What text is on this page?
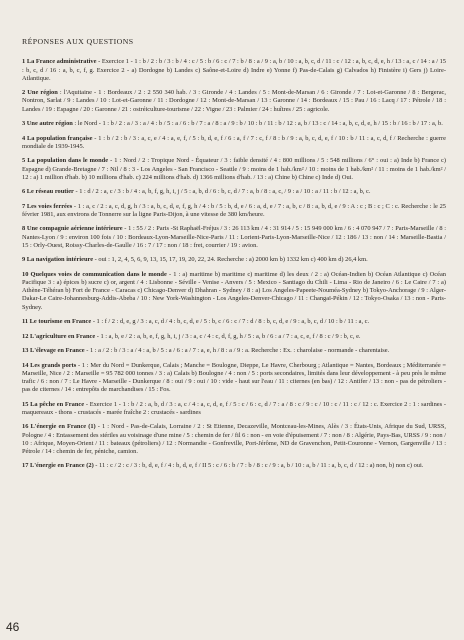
RÉPONSES AUX QUESTIONS

1 La France administrative - Exercice 1 - 1 : b / 2 : b / 3 : b / 4 : c / 5 : b / 6 : c / 7 : b / 8 : a / 9 : a, b / 10 : a, b, c, d / 11 : c / 12 : a, b, c, d, e, h / 13 : a, c / 14 : a / 15 : b, c, d / 16 : a, b, c, f, g. Exercice 2 - a) Dordogne b) Landes c) Saône-et-Loire d) Indre e) Yonne f) Pas-de-Calais g) Calvados h) Finistère i) Gers j) Loire-Atlantique.

2 Une région : l'Aquitaine - 1 : Bordeaux / 2 : 2 550 340 hab. / 3 : Gironde / 4 : Landes / 5 : Mont-de-Marsan / 6 : Gironde / 7 : Lot-et-Garonne / 8 : Bergerac, Nontron, Sarlat / 9 : Landes / 10 : Lot-et-Garonne / 11 : Dordogne / 12 : Mont-de-Marsan / 13 : Garonne / 14 : Bordeaux / 15 : Pau / 16 : Lacq / 17 : Pétrole / 18 : Landes / 19 : Espagne / 20 : Garonne / 21 : ostréiculture-tourisme / 22 : Vigne / 23 : Palmier / 24 : huîtres / 25 : agricole.

3 Une autre région : le Nord - 1 : b / 2 : a / 3 : a / 4 : b / 5 : a / 6 : b / 7 : a / 8 : a / 9 : b / 10 : b / 11 : b / 12 : a, b / 13 : c / 14 : a, b, c, d, e, h / 15 : b / 16 : b / 17 : a, b.

4 La population française - 1 : b / 2 : b / 3 : a, c, e / 4 : a, e, f, / 5 : b, d, e, f / 6 : a, f / 7 : c, f / 8 : b / 9 : a, b, c, d, e, f / 10 : b / 11 : a, c, d, f / Recherche : guerre mondiale de 1939-1945.

5 La population dans le monde - 1 : Nord / 2 : Tropique Nord - Équateur / 3 : faible densité / 4 : 800 millions / 5 : 548 millions / 6° : oui : a) Inde b) France c) Espagne d) Grande-Bretagne / 7 : Nil / 8 : 3 - Los Angeles - San Francisco - Seattle / 9 : moins de 1 hab./km² / 10 : moins de 1 hab./km² / 11 : moins de 1 hab./km² / 12 : a) 1 million d'hab. b) 10 millions d'hab. c) 224 millions d'hab. d) 1366 millions d'hab. / 13 : a) Chine b) Chine c) Inde d) Oui.

6 Le réseau routier - 1 : d / 2 : a, c / 3 : b / 4 : a, b, f, g, h, i, j / 5 : a, b, d / 6 : b, c, d / 7 : a, b / 8 : a, c, / 9 : a / 10 : a / 11 : b / 12 : a, b, c.

7 Les voies ferrées - 1 : a, c / 2 : a, c, d, g, h / 3 : a, b, c, d, e, f, g, h / 4 : b / 5 : b, d, e / 6 : a, d, e / 7 : a, b, c / 8 : a, b, d, e / 9 : A : c ; B : c ; C : c. Recherche : le 25 février 1981, aux environs de Tonnerre sur la ligne Paris-Dijon, à une vitesse de 380 km/heure.

8 Une compagnie aérienne intérieure - 1 : 55 / 2 : Paris -St Raphaël-Fréjus / 3 : 26 113 km / 4 : 31 914 / 5 : 15 949 000 km / 6 : 4 070 947 / 7 : Paris-Marseille / 8 : Nantes-Lyon / 9 : environ 100 fois / 10 : Bordeaux-Lyon-Marseille-Nice-Paris / 11 : Lorient-Paris-Lyon-Marseille-Nice / 12 : 186 / 13 : non / 14 : Marseille-Bastia / 15 : Orly-Ouest, Roissy-Charles-de-Gaulle / 16 : 7 / 17 : non / 18 : fret, courrier / 19 : avion.

9 La navigation intérieure - oui : 1, 2, 4, 5, 6, 9, 13, 15, 17, 19, 20, 22, 24. Recherche : a) 2000 km b) 1332 km c) 400 km d) 26,4 km.

10 Quelques voies de communication dans le monde - 1 : a) maritime b) maritime c) maritime d) les deux / 2 : a) Océan-Indien b) Océan Atlantique c) Océan Pacifique 3 : a) épices b) sucre c) or, argent / 4 : Lisbonne - Séville - Venise - Anvers / 5 : Mexico - Santiago du Chili - Lima - Rio de Janeiro / 6 : Le Caire / 7 : a) Athène-Téhéran b) Fort de France - Caracas c) Chicago-Denver d) Dhahran - Sydney / 8 : a) Los Angeles-Papeete-Nouméa-Sydney b) Tokyo-Anchorage / 9 : Alger-Dakar-Le Caire-Johannesburg-Addis-Abeba / 10 : New York-Washington - Los Angeles-Denver-Chicago / 11 : Changaï-Pékin / 12 : Tokyo-Osaka / 13 : non - Paris-Sydney.

11 Le tourisme en France - 1 : f / 2 : d, e, g / 3 : a, c, d / 4 : b, c, d, e / 5 : b, c / 6 : c / 7 : d / 8 : b, c, d, e / 9 : a, b, c, d / 10 : b / 11 : a, c.

12 L'agriculture en France - 1 : a, b, e / 2 : a, b, e, f, g, h, i, j / 3 : a, c / 4 : c, d, f, g, h / 5 : a, b / 6 : a / 7 : a, c, e, f / 8 : c / 9 : b, c, e.

13 L'élevage en France - 1 : a / 2 : b / 3 : a / 4 : a, b / 5 : a / 6 : a / 7 : a, e, h / 8 : a / 9 : a. Recherche : Ex. : charolaise - normande - charentaise.

14 Les grands ports - 1 : Mer du Nord = Dunkerque, Calais ; Manche = Boulogne, Dieppe, Le Havre, Cherbourg ; Atlantique = Nantes, Bordeaux ; Méditerranée = Marseille, Nice / 2 : Marseille = 95 782 000 tonnes / 3 : a) Calais b) Boulogne / 4 : non / 5 : ports secondaires, limités dans leur développement - à peu près le même trafic / 6 : non / 7 : Le Havre - Marseille - Dunkerque / 8 : oui / 9 : oui / 10 : vide - haut sur l'eau / 11 : citernes (en bas) / 12 : Antifer / 13 : non - pas de pétroliers - pas de citernes / 14 : entrepôts de marchandises / 15 : Fos.

15 La pêche en France - Exercice 1 - 1 : b / 2 : a, b, d / 3 : a, c / 4 : a, c, d, e, f / 5 : c / 6 : c, d / 7 : a / 8 : c / 9 : c / 10 : c / 11 : c / 12 : c. Exercice 2 : 1 : sardines - maquereaux - thons - crustacés - marée fraîche 2 : crustacés - sardines

16 L'énergie en France (1) - 1 : Nord - Pas-de-Calais, Lorraine / 2 : St Etienne, Decazeville, Montceau-les-Mines, Alès / 3 : États-Unis, Afrique du Sud, URSS, Pologne / 4 : Entassement des stériles au voisinage d'une mine / 5 : chemin de fer / fil 6 : non - en voie d'épuisement / 7 : non / 8 : Algérie, Pays-Bas, URSS / 9 : non / 10 : Afrique, Moyen-Orient / 11 : bateaux (pétroliers) / 12 : Normandie - Gonfreville, Port-Jérôme, ND de Gravenchon, Petit-Couronne - Vernon, Gargenville / 13 : Pétrole / 14 : chemin de fer, péniche, camion.

17 L'énergie en France (2) - 11 : c / 2 : c / 3 : b, d, e, f / 4 : b, d, e, f / II 5 : c / 6 : b / 7 : b / 8 : c / 9 : a, b / 10 : a, b / 11 : a, b, c, d / 12 : a) non, b) non c) oui.

46
